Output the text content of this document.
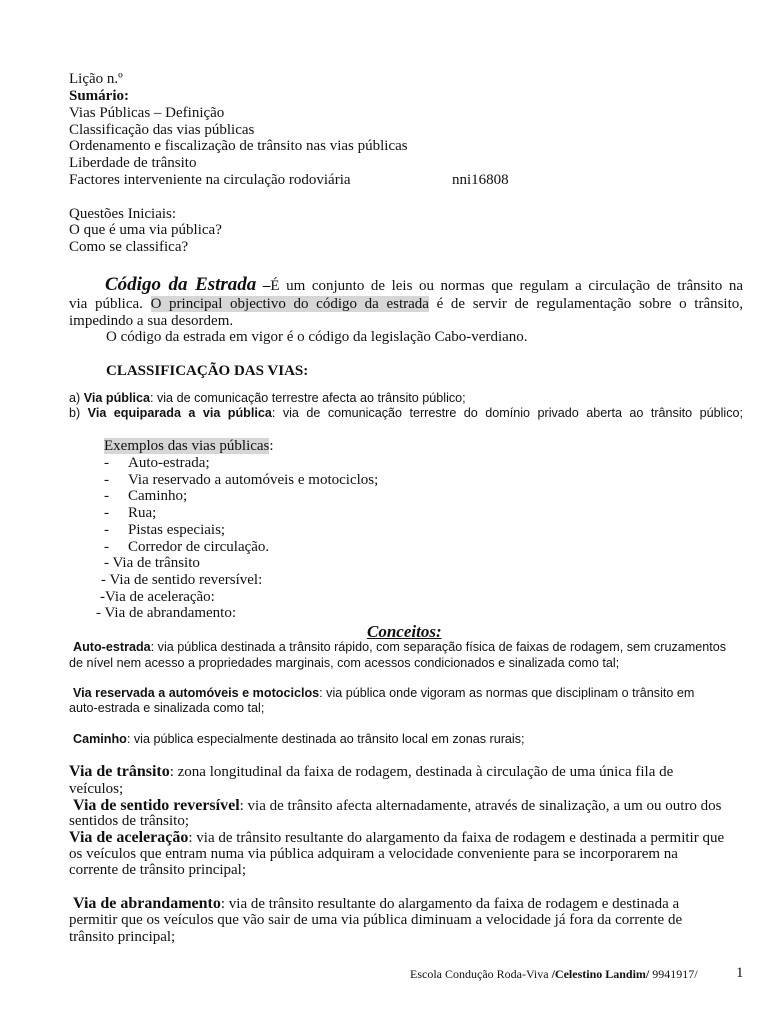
Lição n.º
Sumário:
Vias Públicas – Definição
Classificação das vias públicas
Ordenamento e fiscalização de trânsito nas vias públicas
Liberdade de trânsito
Factores interveniente na circulação rodoviária	nni16808
Questões Iniciais:
O que é uma via pública?
Como se classifica?
Código da Estrada –É um conjunto de leis ou normas que regulam a circulação de trânsito na
via pública. O principal objectivo do código da estrada é de servir de regulamentação sobre o trânsito,
impedindo a sua desordem.
O código da estrada em vigor é o código da legislação Cabo-verdiano.
CLASSIFICAÇÃO DAS VIAS:
a) Via pública: via de comunicação terrestre afecta ao trânsito público;
b) Via equiparada a via pública: via de comunicação terrestre do domínio privado aberta ao trânsito público;
Exemplos das vias públicas:
- Auto-estrada;
- Via reservado a automóveis e motociclos;
- Caminho;
- Rua;
- Pistas especiais;
- Corredor de circulação.
- Via de trânsito
- Via de sentido reversível:
-Via de aceleração:
- Via de abrandamento:
Conceitos:
Auto-estrada: via pública destinada a trânsito rápido, com separação física de faixas de rodagem, sem cruzamentos
de nível nem acesso a propriedades marginais, com acessos condicionados e sinalizada como tal;
Via reservada a automóveis e motociclos: via pública onde vigoram as normas que disciplinam o trânsito em
auto-estrada e sinalizada como tal;
Caminho: via pública especialmente destinada ao trânsito local em zonas rurais;
Via de trânsito: zona longitudinal da faixa de rodagem, destinada à circulação de uma única fila de
veículos;
Via de sentido reversível: via de trânsito afecta alternadamente, através de sinalização, a um ou outro dos
sentidos de trânsito;
Via de aceleração: via de trânsito resultante do alargamento da faixa de rodagem e destinada a permitir que
os veículos que entram numa via pública adquiram a velocidade conveniente para se incorporarem na
corrente de trânsito principal;
Via de abrandamento: via de trânsito resultante do alargamento da faixa de rodagem e destinada a
permitir que os veículos que vão sair de uma via pública diminuam a velocidade já fora da corrente de
trânsito principal;
Escola Condução Roda-Viva /Celestino Landim/ 9941917/	1
